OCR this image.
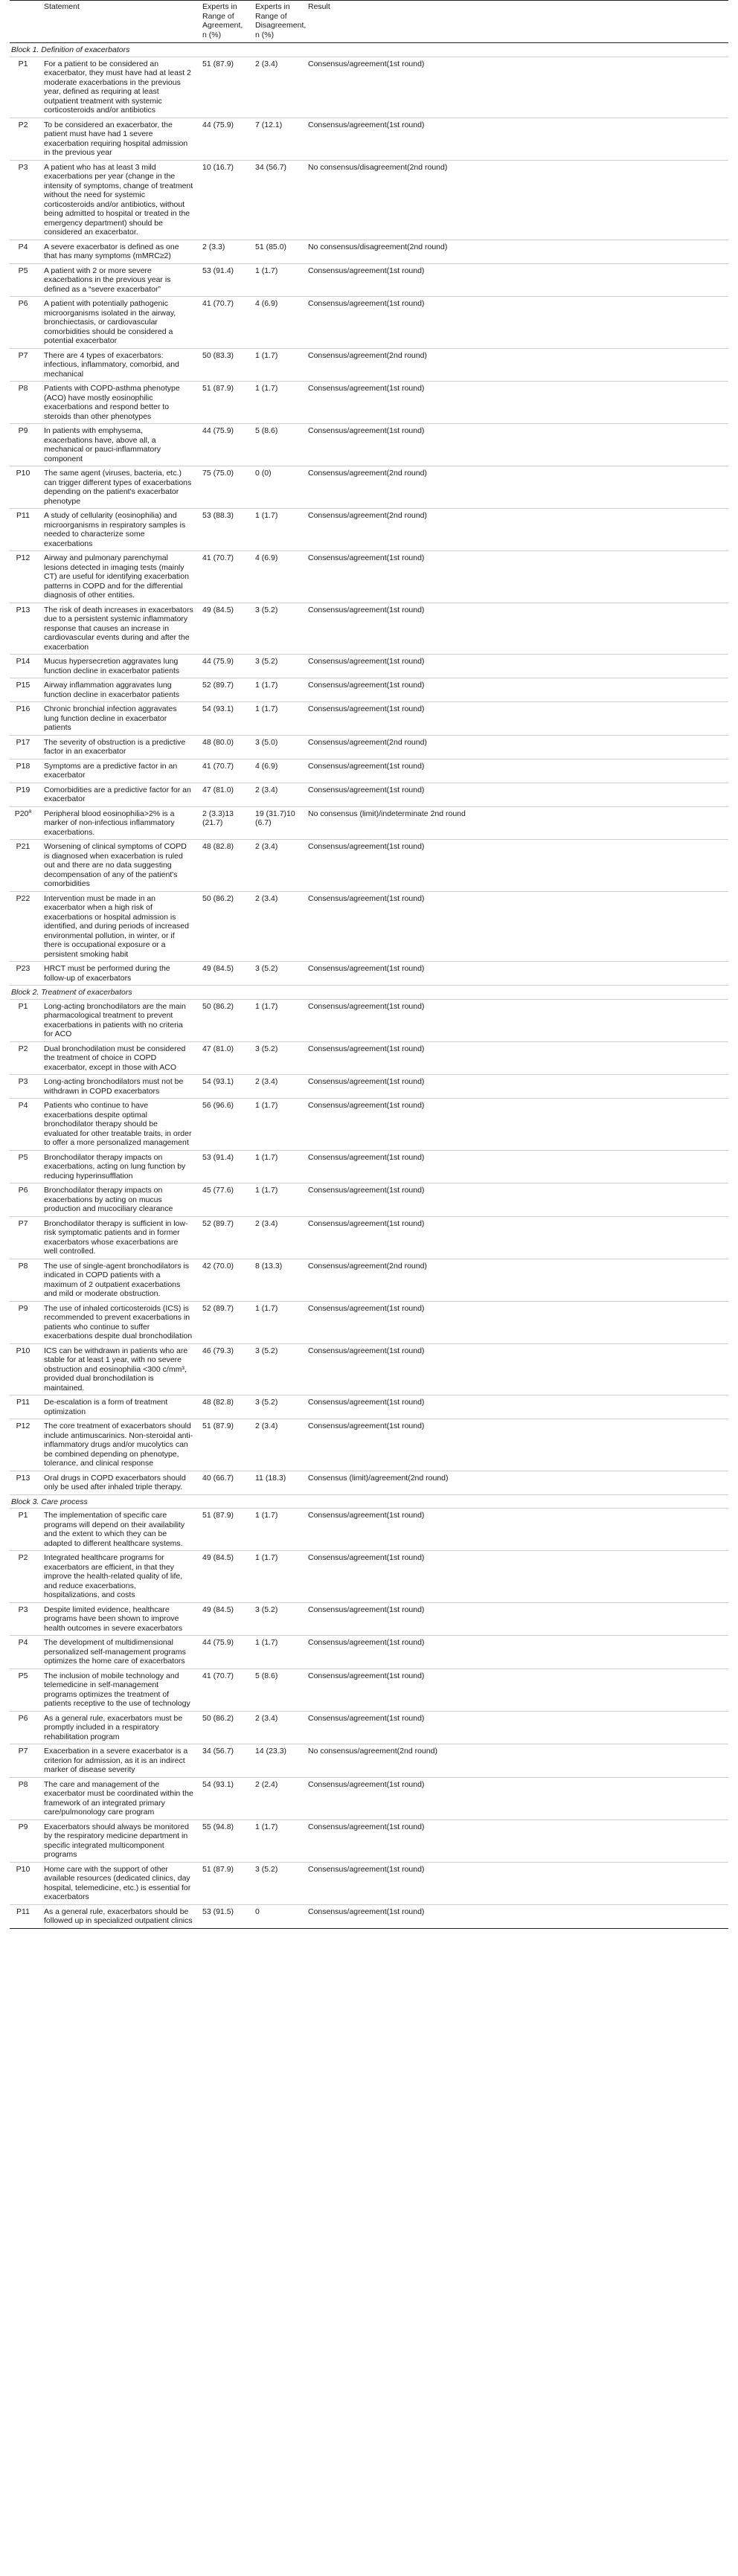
	Statement	Experts in Range of Agreement, n (%)	Experts in Range of Disagreement, n (%)	Result
Block 1. Definition of exacerbators				
P1	For a patient to be considered an exacerbator, they must have had at least 2 moderate exacerbations in the previous year, defined as requiring at least outpatient treatment with systemic corticosteroids and/or antibiotics	51 (87.9)	2 (3.4)	Consensus/agreement(1st round)
P2	To be considered an exacerbator, the patient must have had 1 severe exacerbation requiring hospital admission in the previous year	44 (75.9)	7 (12.1)	Consensus/agreement(1st round)
P3	A patient who has at least 3 mild exacerbations per year (change in the intensity of symptoms, change of treatment without the need for systemic corticosteroids and/or antibiotics, without being admitted to hospital or treated in the emergency department) should be considered an exacerbator.	10 (16.7)	34 (56.7)	No consensus/disagreement(2nd round)
P4	A severe exacerbator is defined as one that has many symptoms (mMRC≥2)	2 (3.3)	51 (85.0)	No consensus/disagreement(2nd round)
P5	A patient with 2 or more severe exacerbations in the previous year is defined as a “severe exacerbator”	53 (91.4)	1 (1.7)	Consensus/agreement(1st round)
P6	A patient with potentially pathogenic microorganisms isolated in the airway, bronchiectasis, or cardiovascular comorbidities should be considered a potential exacerbator	41 (70.7)	4 (6.9)	Consensus/agreement(1st round)
P7	There are 4 types of exacerbators: infectious, inflammatory, comorbid, and mechanical	50 (83.3)	1 (1.7)	Consensus/agreement(2nd round)
P8	Patients with COPD-asthma phenotype (ACO) have mostly eosinophilic exacerbations and respond better to steroids than other phenotypes	51 (87.9)	1 (1.7)	Consensus/agreement(1st round)
P9	In patients with emphysema, exacerbations have, above all, a mechanical or pauci-inflammatory component	44 (75.9)	5 (8.6)	Consensus/agreement(1st round)
P10	The same agent (viruses, bacteria, etc.) can trigger different types of exacerbations depending on the patient's exacerbator phenotype	75 (75.0)	0 (0)	Consensus/agreement(2nd round)
P11	A study of cellularity (eosinophilia) and microorganisms in respiratory samples is needed to characterize some exacerbations	53 (88.3)	1 (1.7)	Consensus/agreement(2nd round)
P12	Airway and pulmonary parenchymal lesions detected in imaging tests (mainly CT) are useful for identifying exacerbation patterns in COPD and for the differential diagnosis of other entities.	41 (70.7)	4 (6.9)	Consensus/agreement(1st round)
P13	The risk of death increases in exacerbators due to a persistent systemic inflammatory response that causes an increase in cardiovascular events during and after the exacerbation	49 (84.5)	3 (5.2)	Consensus/agreement(1st round)
P14	Mucus hypersecretion aggravates lung function decline in exacerbator patients	44 (75.9)	3 (5.2)	Consensus/agreement(1st round)
P15	Airway inflammation aggravates lung function decline in exacerbator patients	52 (89.7)	1 (1.7)	Consensus/agreement(1st round)
P16	Chronic bronchial infection aggravates lung function decline in exacerbator patients	54 (93.1)	1 (1.7)	Consensus/agreement(1st round)
P17	The severity of obstruction is a predictive factor in an exacerbator	48 (80.0)	3 (5.0)	Consensus/agreement(2nd round)
P18	Symptoms are a predictive factor in an exacerbator	41 (70.7)	4 (6.9)	Consensus/agreement(1st round)
P19	Comorbidities are a predictive factor for an exacerbator	47 (81.0)	2 (3.4)	Consensus/agreement(1st round)
P20$^a$	Peripheral blood eosinophilia>2% is a marker of non-infectious inflammatory exacerbations.	2 (3.3)13 (21.7)	19 (31.7)10 (6.7)	No consensus (limit)/indeterminate 2nd round
P21	Worsening of clinical symptoms of COPD is diagnosed when exacerbation is ruled out and there are no data suggesting decompensation of any of the patient's comorbidities	48 (82.8)	2 (3.4)	Consensus/agreement(1st round)
P22	Intervention must be made in an exacerbator when a high risk of exacerbations or hospital admission is identified, and during periods of increased environmental pollution, in winter, or if there is occupational exposure or a persistent smoking habit	50 (86.2)	2 (3.4)	Consensus/agreement(1st round)
P23	HRCT must be performed during the follow-up of exacerbators	49 (84.5)	3 (5.2)	Consensus/agreement(1st round)
Block 2. Treatment of exacerbators				
P1	Long-acting bronchodilators are the main pharmacological treatment to prevent exacerbations in patients with no criteria for ACO	50 (86.2)	1 (1.7)	Consensus/agreement(1st round)
P2	Dual bronchodilation must be considered the treatment of choice in COPD exacerbator, except in those with ACO	47 (81.0)	3 (5.2)	Consensus/agreement(1st round)
P3	Long-acting bronchodilators must not be withdrawn in COPD exacerbators	54 (93.1)	2 (3.4)	Consensus/agreement(1st round)
P4	Patients who continue to have exacerbations despite optimal bronchodilator therapy should be evaluated for other treatable traits, in order to offer a more personalized management	56 (96.6)	1 (1.7)	Consensus/agreement(1st round)
P5	Bronchodilator therapy impacts on exacerbations, acting on lung function by reducing hyperinsufflation	53 (91.4)	1 (1.7)	Consensus/agreement(1st round)
P6	Bronchodilator therapy impacts on exacerbations by acting on mucus production and mucociliary clearance	45 (77.6)	1 (1.7)	Consensus/agreement(1st round)
P7	Bronchodilator therapy is sufficient in low-risk symptomatic patients and in former exacerbators whose exacerbations are well controlled.	52 (89.7)	2 (3.4)	Consensus/agreement(1st round)
P8	The use of single-agent bronchodilators is indicated in COPD patients with a maximum of 2 outpatient exacerbations and mild or moderate obstruction.	42 (70.0)	8 (13.3)	Consensus/agreement(2nd round)
P9	The use of inhaled corticosteroids (ICS) is recommended to prevent exacerbations in patients who continue to suffer exacerbations despite dual bronchodilation	52 (89.7)	1 (1.7)	Consensus/agreement(1st round)
P10	ICS can be withdrawn in patients who are stable for at least 1 year, with no severe obstruction and eosinophilia <300 c/mm³, provided dual bronchodilation is maintained.	46 (79.3)	3 (5.2)	Consensus/agreement(1st round)
P11	De-escalation is a form of treatment optimization	48 (82.8)	3 (5.2)	Consensus/agreement(1st round)
P12	The core treatment of exacerbators should include antimuscarinics. Non-steroidal anti-inflammatory drugs and/or mucolytics can be combined depending on phenotype, tolerance, and clinical response	51 (87.9)	2 (3.4)	Consensus/agreement(1st round)
P13	Oral drugs in COPD exacerbators should only be used after inhaled triple therapy.	40 (66.7)	11 (18.3)	Consensus (limit)/agreement(2nd round)
Block 3. Care process				
P1	The implementation of specific care programs will depend on their availability and the extent to which they can be adapted to different healthcare systems.	51 (87.9)	1 (1.7)	Consensus/agreement(1st round)
P2	Integrated healthcare programs for exacerbators are efficient, in that they improve the health-related quality of life, and reduce exacerbations, hospitalizations, and costs	49 (84.5)	1 (1.7)	Consensus/agreement(1st round)
P3	Despite limited evidence, healthcare programs have been shown to improve health outcomes in severe exacerbators	49 (84.5)	3 (5.2)	Consensus/agreement(1st round)
P4	The development of multidimensional personalized self-management programs optimizes the home care of exacerbators	44 (75.9)	1 (1.7)	Consensus/agreement(1st round)
P5	The inclusion of mobile technology and telemedicine in self-management programs optimizes the treatment of patients receptive to the use of technology	41 (70.7)	5 (8.6)	Consensus/agreement(1st round)
P6	As a general rule, exacerbators must be promptly included in a respiratory rehabilitation program	50 (86.2)	2 (3.4)	Consensus/agreement(1st round)
P7	Exacerbation in a severe exacerbator is a criterion for admission, as it is an indirect marker of disease severity	34 (56.7)	14 (23.3)	No consensus/agreement(2nd round)
P8	The care and management of the exacerbator must be coordinated within the framework of an integrated primary care/pulmonology care program	54 (93.1)	2 (2.4)	Consensus/agreement(1st round)
P9	Exacerbators should always be monitored by the respiratory medicine department in specific integrated multicomponent programs	55 (94.8)	1 (1.7)	Consensus/agreement(1st round)
P10	Home care with the support of other available resources (dedicated clinics, day hospital, telemedicine, etc.) is essential for exacerbators	51 (87.9)	3 (5.2)	Consensus/agreement(1st round)
P11	As a general rule, exacerbators should be followed up in specialized outpatient clinics	53 (91.5)	0	Consensus/agreement(1st round)
